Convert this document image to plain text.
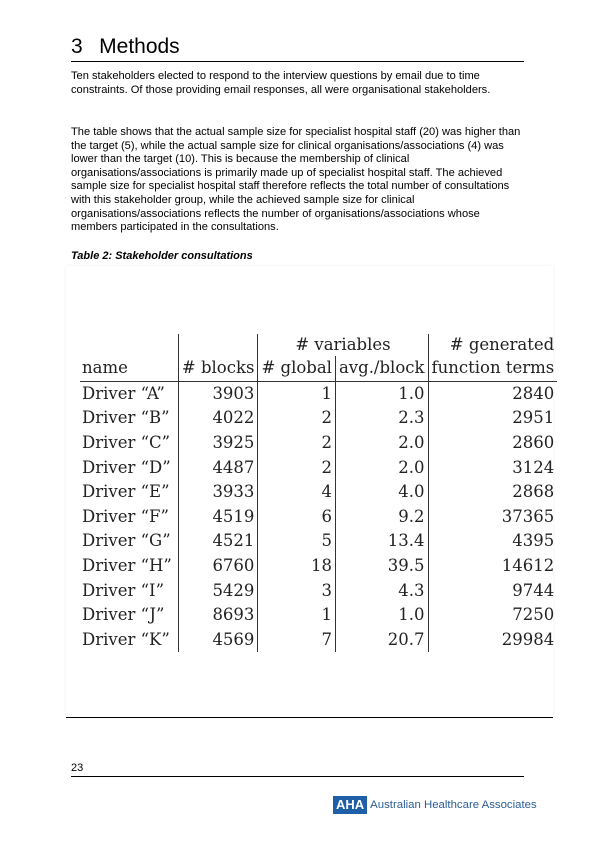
3 Methods

Ten stakeholders elected to respond to the interview questions by email due to time constraints. Of those providing email responses, all were organisational stakeholders.

The table shows that the actual sample size for specialist hospital staff (20) was higher than the target (5), while the actual sample size for clinical organisations/associations (4) was lower than the target (10). This is because the membership of clinical organisations/associations is primarily made up of specialist hospital staff. The achieved sample size for specialist hospital staff therefore reflects the total number of consultations with this stakeholder group, while the achieved sample size for clinical organisations/associations reflects the number of organisations/associations whose members participated in the consultations.

Table 2: Stakeholder consultations
		# variables		# generated
name	# blocks	# global	avg./block	function terms
Driver “A”	3903	1	1.0	2840
Driver “B”	4022	2	2.3	2951
Driver “C”	3925	2	2.0	2860
Driver “D”	4487	2	2.0	3124
Driver “E”	3933	4	4.0	2868
Driver “F”	4519	6	9.2	37365
Driver “G”	4521	5	13.4	4395
Driver “H”	6760	18	39.5	14612
Driver “I”	5429	3	4.3	9744
Driver “J”	8693	1	1.0	7250
Driver “K”	4569	7	20.7	29984
23
AHA Australian Healthcare Associates
